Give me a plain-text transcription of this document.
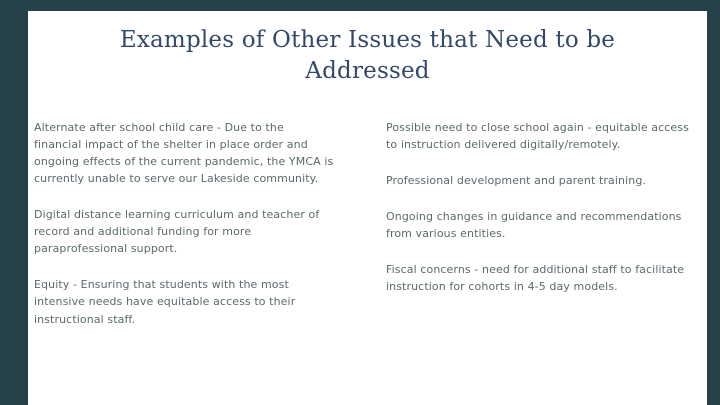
Examples of Other Issues that Need to be Addressed

Alternate after school child care - Due to the financial impact of the shelter in place order and ongoing effects of the current pandemic, the YMCA is currently unable to serve our Lakeside community.

Digital distance learning curriculum and teacher of record and additional funding for more paraprofessional support.

Equity - Ensuring that students with the most intensive needs have equitable access to their instructional staff.

Possible need to close school again - equitable access to instruction delivered digitally/remotely.

Professional development and parent training.

Ongoing changes in guidance and recommendations from various entities.

Fiscal concerns - need for additional staff to facilitate instruction for cohorts in 4-5 day models.
